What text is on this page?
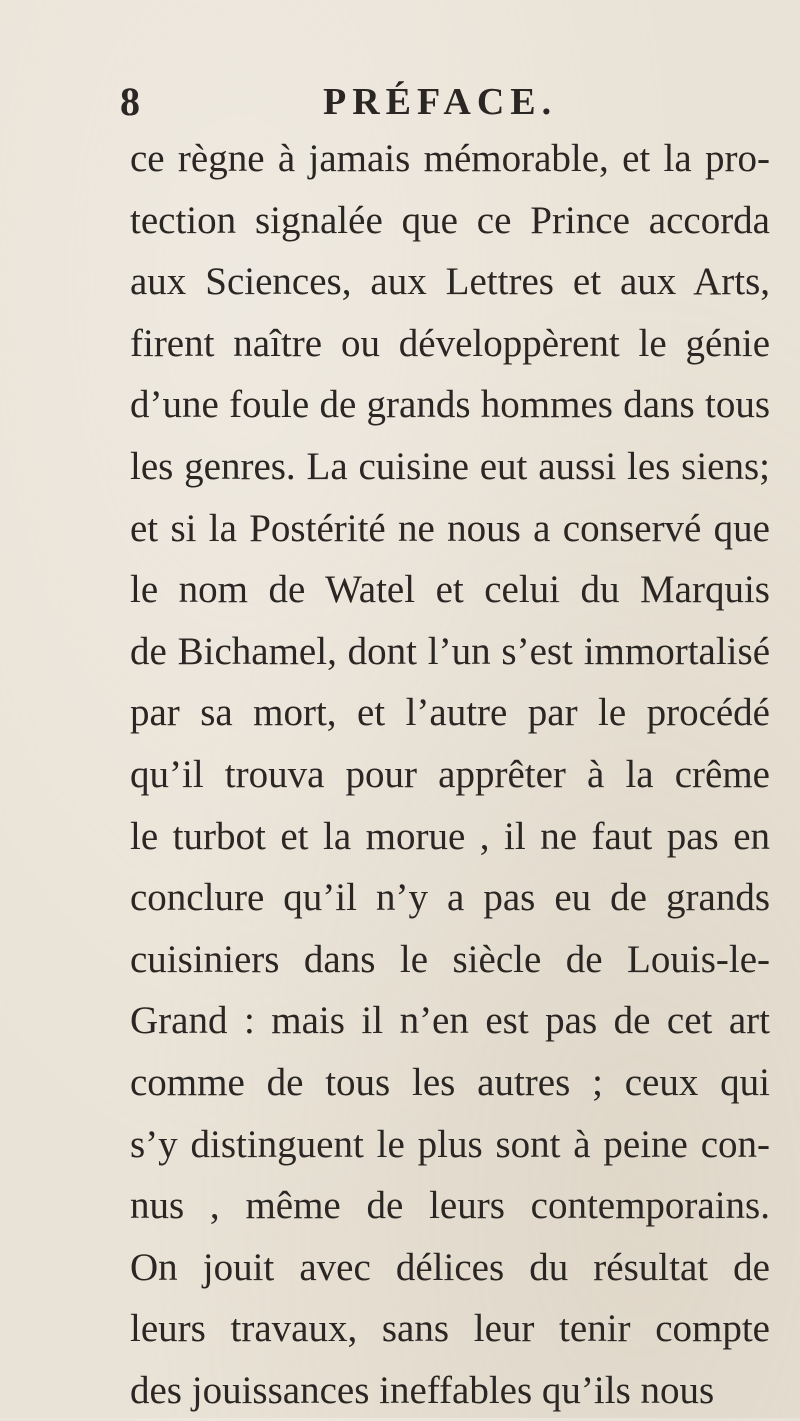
8	PRÉFACE.
ce règne à jamais mémorable, et la pro-
tection signalée que ce Prince accorda
aux Sciences, aux Lettres et aux Arts,
firent naître ou développèrent le génie
d’une foule de grands hommes dans tous
les genres. La cuisine eut aussi les siens;
et si la Postérité ne nous a conservé que
le nom de Watel et celui du Marquis
de Bichamel, dont l’un s’est immortalisé
par sa mort, et l’autre par le procédé
qu’il trouva pour apprêter à la crême
le turbot et la morue , il ne faut pas en
conclure qu’il n’y a pas eu de grands
cuisiniers dans le siècle de Louis-le-
Grand : mais il n’en est pas de cet art
comme de tous les autres ; ceux qui
s’y distinguent le plus sont à peine con-
nus , même de leurs contemporains.
On jouit avec délices du résultat de
leurs travaux, sans leur tenir compte
des jouissances ineffables qu’ils nous
